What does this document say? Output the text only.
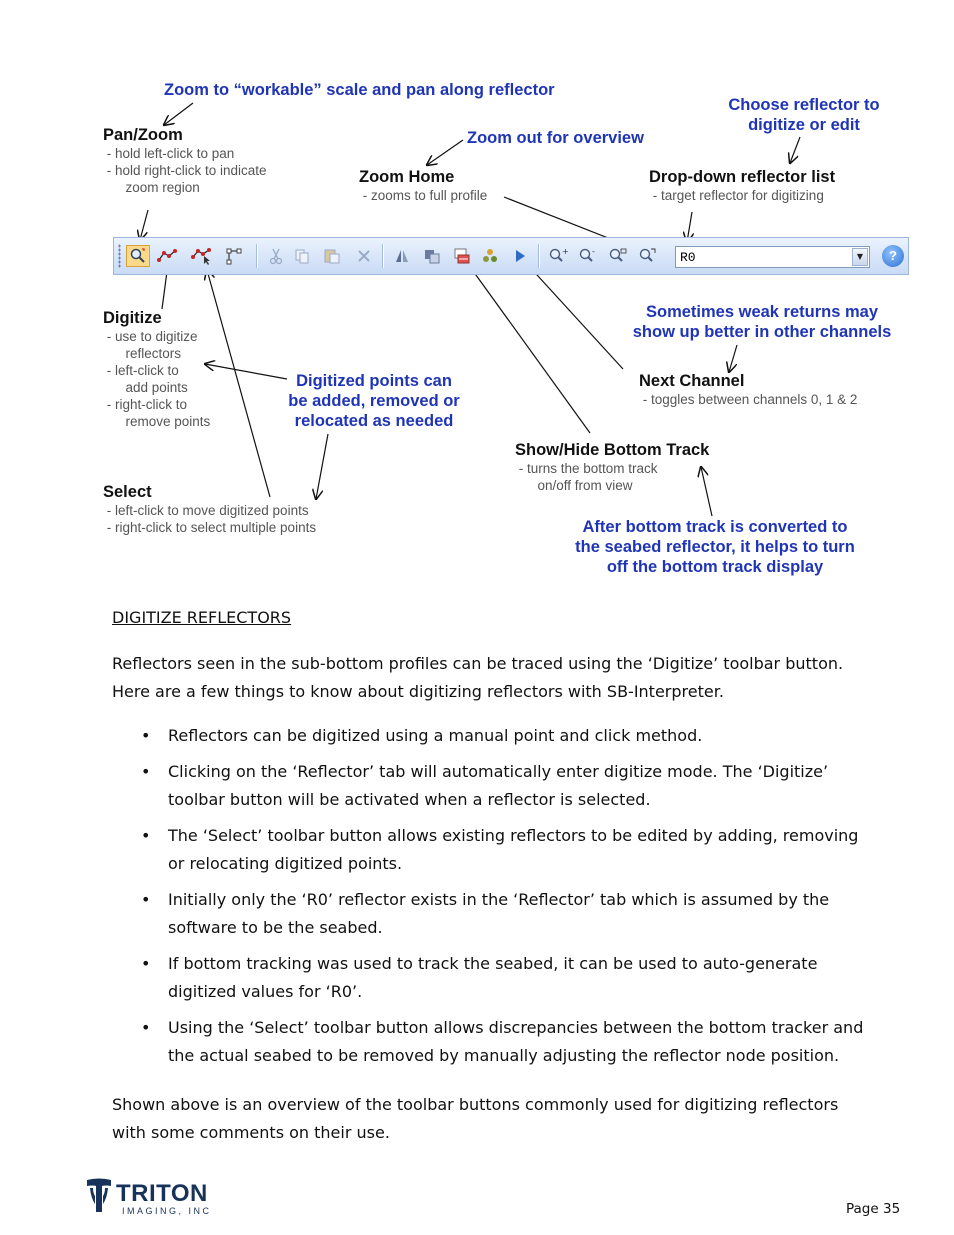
Zoom to “workable” scale and pan along reflector
Zoom out for overview
Choose reflector to
digitize or edit
Sometimes weak returns may
show up better in other channels
Digitized points can
be added, removed or
relocated as needed
After bottom track is converted to
the seabed reflector, it helps to turn
off the bottom track display
Pan/Zoom
- hold left-click to pan
- hold right-click to indicate
zoom region
Zoom Home
- zooms to full profile
Drop-down reflector list
- target reflector for digitizing
Digitize
- use to digitize
reflectors
- left-click to
add points
- right-click to
remove points
Next Channel
- toggles between channels 0, 1 & 2
Show/Hide Bottom Track
- turns the bottom track
on/off from view
Select
- left-click to move digitized points
- right-click to select multiple points
+	-	R0	▼	?
DIGITIZE REFLECTORS
Reflectors seen in the sub-bottom profiles can be traced using the ‘Digitize’ toolbar button.
Here are a few things to know about digitizing reflectors with SB-Interpreter.
• Reflectors can be digitized using a manual point and click method.
• Clicking on the ‘Reflector’ tab will automatically enter digitize mode. The ‘Digitize’
toolbar button will be activated when a reflector is selected.
• The ‘Select’ toolbar button allows existing reflectors to be edited by adding, removing
or relocating digitized points.
• Initially only the ‘R0’ reflector exists in the ‘Reflector’ tab which is assumed by the
software to be the seabed.
• If bottom tracking was used to track the seabed, it can be used to auto-generate
digitized values for ‘R0’.
• Using the ‘Select’ toolbar button allows discrepancies between the bottom tracker and
the actual seabed to be removed by manually adjusting the reflector node position.
Shown above is an overview of the toolbar buttons commonly used for digitizing reflectors
with some comments on their use.
TRITON
IMAGING, INC	Page 35
